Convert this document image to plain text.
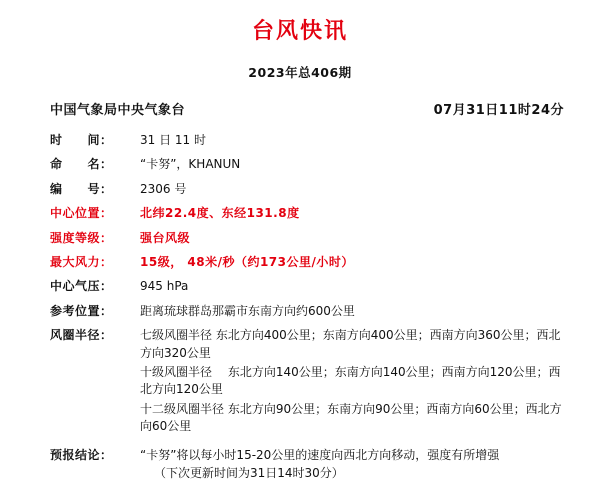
台风快讯
2023年总406期
中国气象局中央气象台	07月31日11时24分
时　　间：	31 日 11 时
命　　名：	“卡努”，KHANUN
编　　号：	2306 号
中心位置：	北纬22.4度、东经131.8度
强度等级：	强台风级
最大风力：	15级， 48米/秒（约173公里/小时）
中心气压：	945 hPa
参考位置：	距离琉球群岛那霸市东南方向约600公里
风圈半径：	七级风圈半径 东北方向400公里；东南方向400公里；西南方向360公里；西北方向320公里
十级风圈半径　 东北方向140公里；东南方向140公里；西南方向120公里；西北方向120公里
十二级风圈半径 东北方向90公里；东南方向90公里；西南方向60公里；西北方向60公里
预报结论：	“卡努”将以每小时15-20公里的速度向西北方向移动，强度有所增强
（下次更新时间为31日14时30分）
